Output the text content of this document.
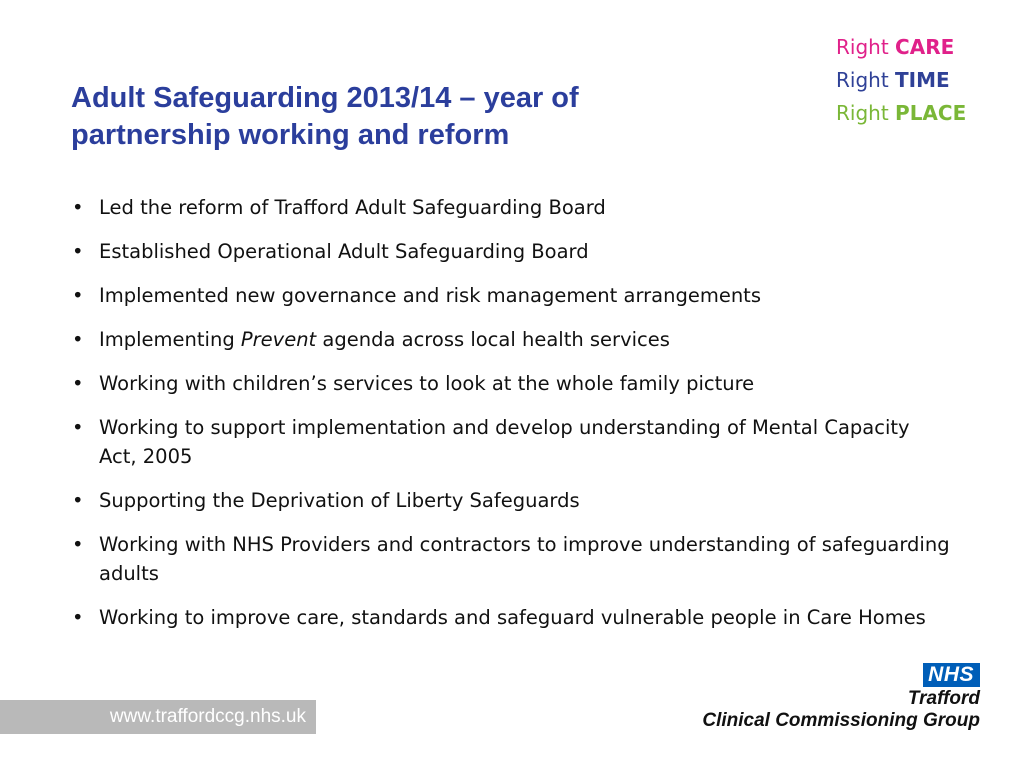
Adult Safeguarding 2013/14 – year of
partnership working and reform
Right CARE
Right TIME
Right PLACE
• Led the reform of Trafford Adult Safeguarding Board
• Established Operational Adult Safeguarding Board
• Implemented new governance and risk management arrangements
• Implementing Prevent agenda across local health services
• Working with children’s services to look at the whole family picture
• Working to support implementation and develop understanding of Mental Capacity Act, 2005
• Supporting the Deprivation of Liberty Safeguards
• Working with NHS Providers and contractors to improve understanding of safeguarding adults
• Working to improve care, standards and safeguard vulnerable people in Care Homes
www.traffordccg.nhs.uk
NHS
Trafford
Clinical Commissioning Group
